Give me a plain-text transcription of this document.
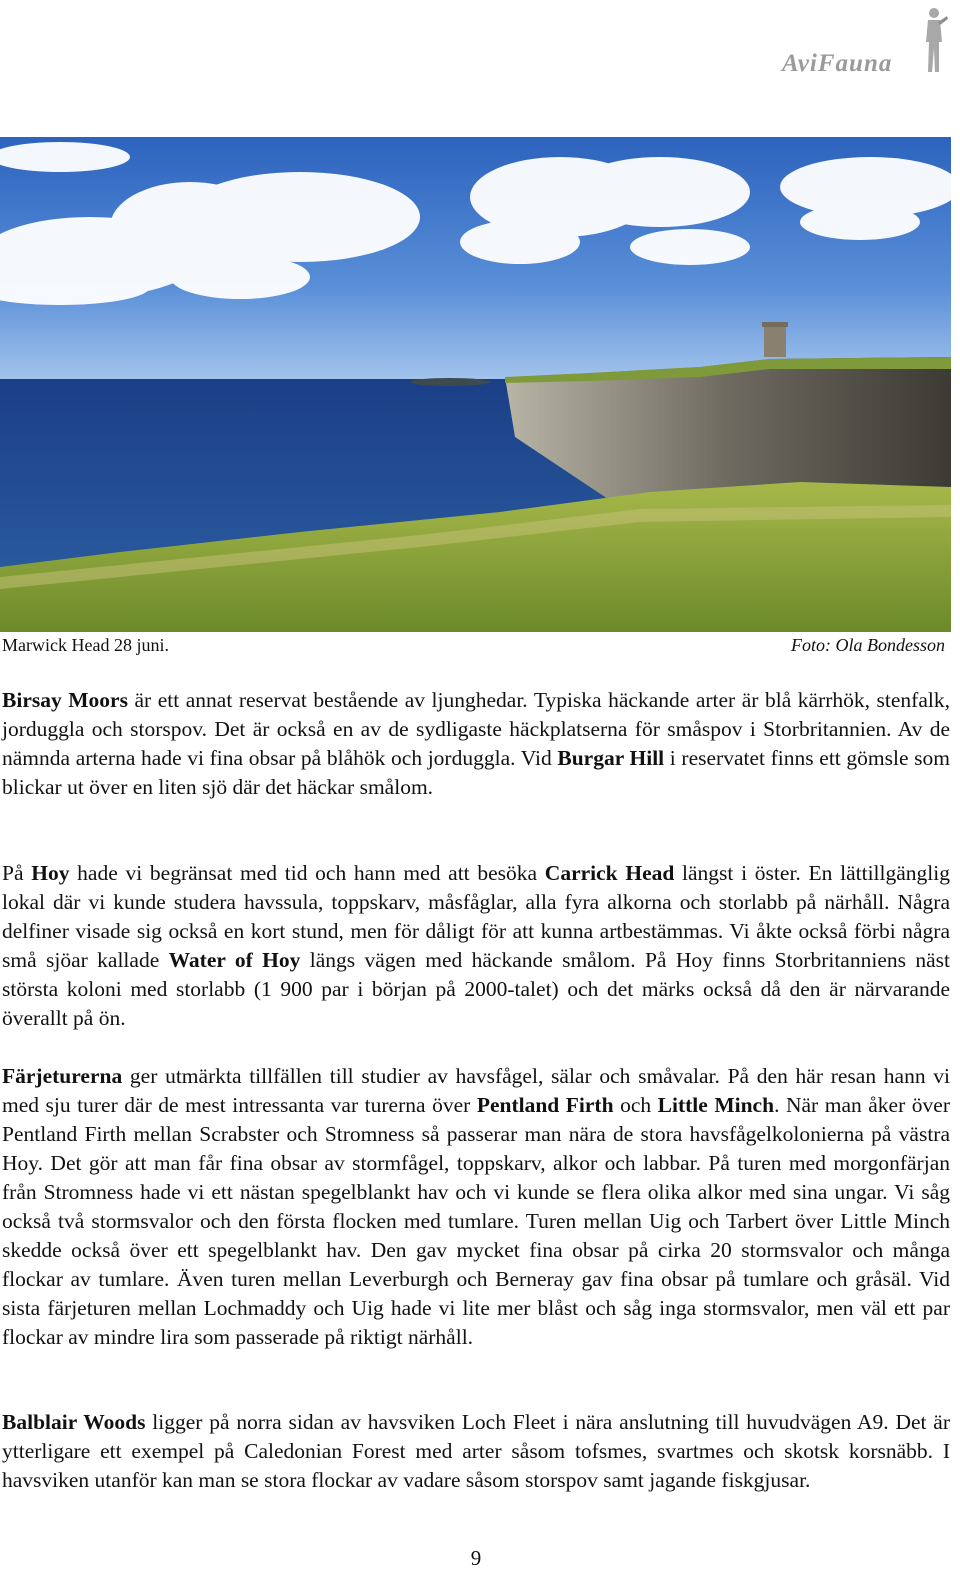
AviFauna
Marwick Head 28 juni.	Foto: Ola Bondesson

Birsay Moors är ett annat reservat bestående av ljunghedar. Typiska häckande arter är blå kärrhök, stenfalk, jorduggla och storspov. Det är också en av de sydligaste häckplatserna för småspov i Storbritannien. Av de nämnda arterna hade vi fina obsar på blåhök och jorduggla. Vid Burgar Hill i reservatet finns ett gömsle som blickar ut över en liten sjö där det häckar smålom.

På Hoy hade vi begränsat med tid och hann med att besöka Carrick Head längst i öster. En lättillgänglig lokal där vi kunde studera havssula, toppskarv, måsfåglar, alla fyra alkorna och storlabb på närhåll. Några delfiner visade sig också en kort stund, men för dåligt för att kunna artbestämmas. Vi åkte också förbi några små sjöar kallade Water of Hoy längs vägen med häckande smålom. På Hoy finns Storbritanniens näst största koloni med storlabb (1 900 par i början på 2000-talet) och det märks också då den är närvarande överallt på ön.

Färjeturerna ger utmärkta tillfällen till studier av havsfågel, sälar och småvalar. På den här resan hann vi med sju turer där de mest intressanta var turerna över Pentland Firth och Little Minch. När man åker över Pentland Firth mellan Scrabster och Stromness så passerar man nära de stora havsfågelkolonierna på västra Hoy. Det gör att man får fina obsar av stormfågel, toppskarv, alkor och labbar. På turen med morgonfärjan från Stromness hade vi ett nästan spegelblankt hav och vi kunde se flera olika alkor med sina ungar. Vi såg också två stormsvalor och den första flocken med tumlare. Turen mellan Uig och Tarbert över Little Minch skedde också över ett spegelblankt hav. Den gav mycket fina obsar på cirka 20 stormsvalor och många flockar av tumlare. Även turen mellan Leverburgh och Berneray gav fina obsar på tumlare och gråsäl. Vid sista färjeturen mellan Lochmaddy och Uig hade vi lite mer blåst och såg inga stormsvalor, men väl ett par flockar av mindre lira som passerade på riktigt närhåll.

Balblair Woods ligger på norra sidan av havsviken Loch Fleet i nära anslutning till huvudvägen A9. Det är ytterligare ett exempel på Caledonian Forest med arter såsom tofsmes, svartmes och skotsk korsnäbb. I havsviken utanför kan man se stora flockar av vadare såsom storspov samt jagande fiskgjusar.

9
